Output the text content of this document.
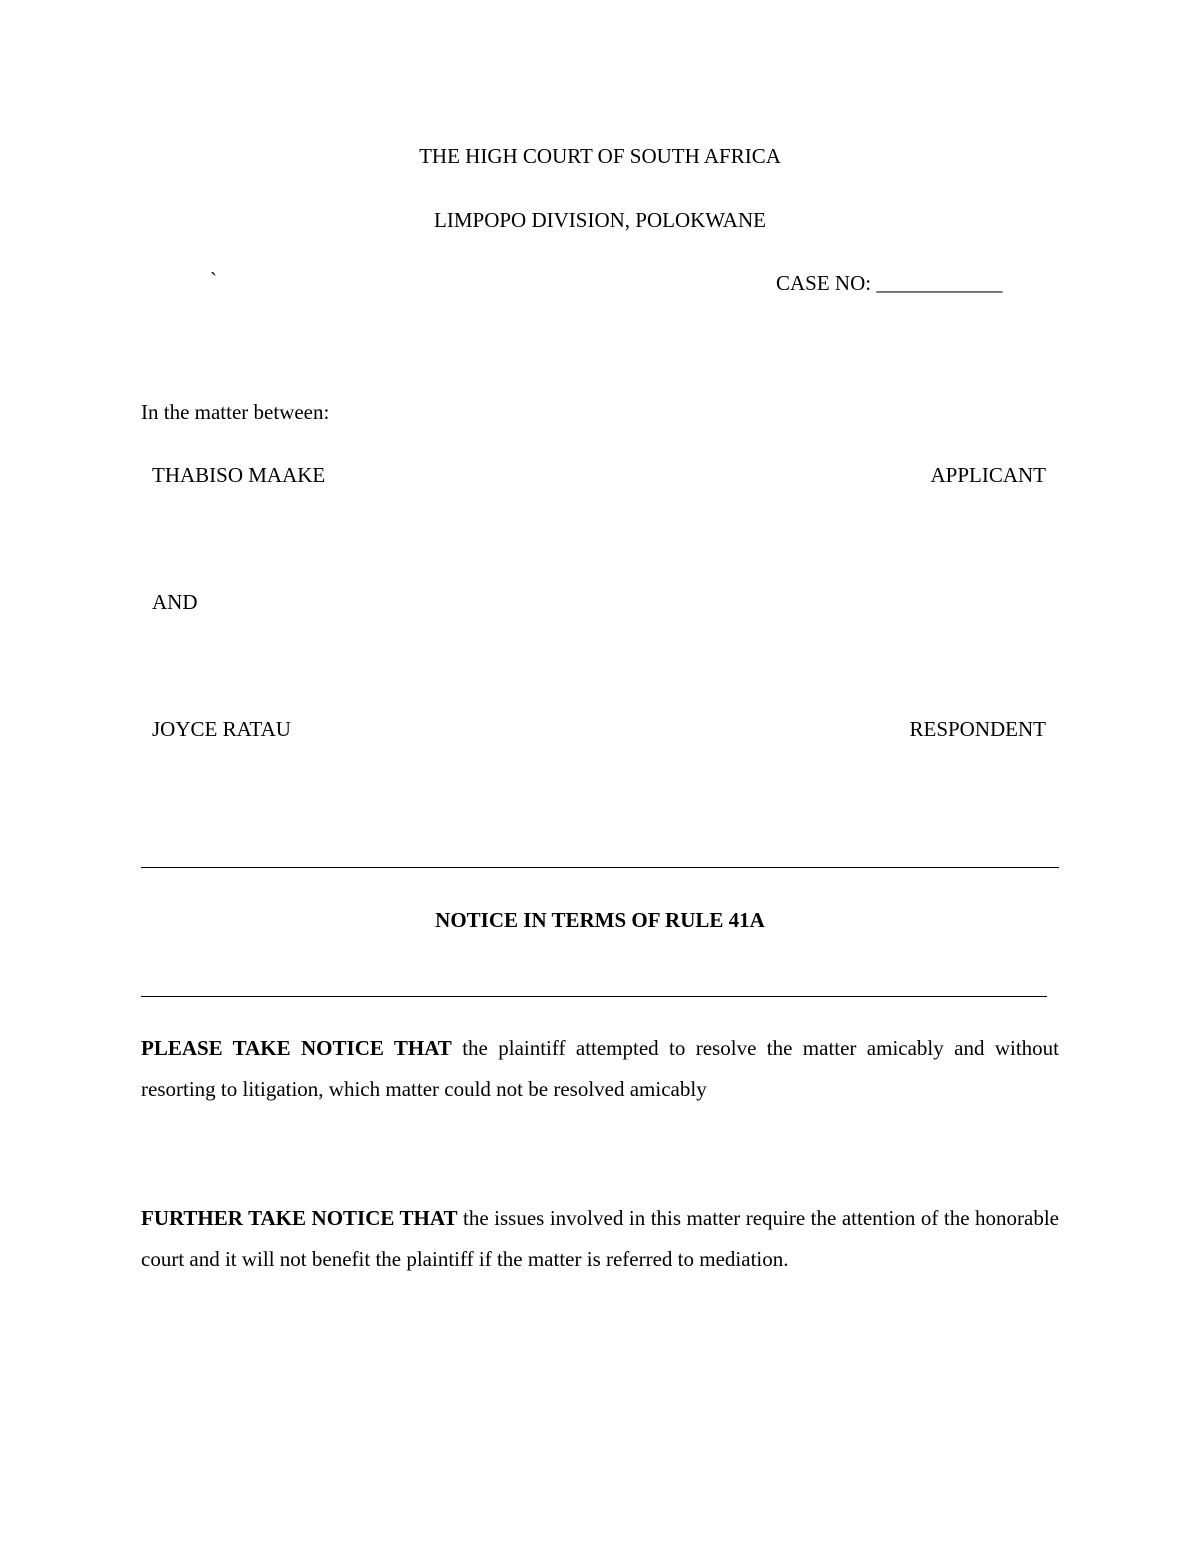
THE HIGH COURT OF SOUTH AFRICA
LIMPOPO DIVISION, POLOKWANE
`	CASE NO: ____________
In the matter between:
THABISO MAAKE	APPLICANT
AND
JOYCE RATAU	RESPONDENT
NOTICE IN TERMS OF RULE 41A
PLEASE TAKE NOTICE THAT the plaintiff attempted to resolve the matter amicably and without resorting to litigation, which matter could not be resolved amicably
FURTHER TAKE NOTICE THAT the issues involved in this matter require the attention of the honorable court and it will not benefit the plaintiff if the matter is referred to mediation.
